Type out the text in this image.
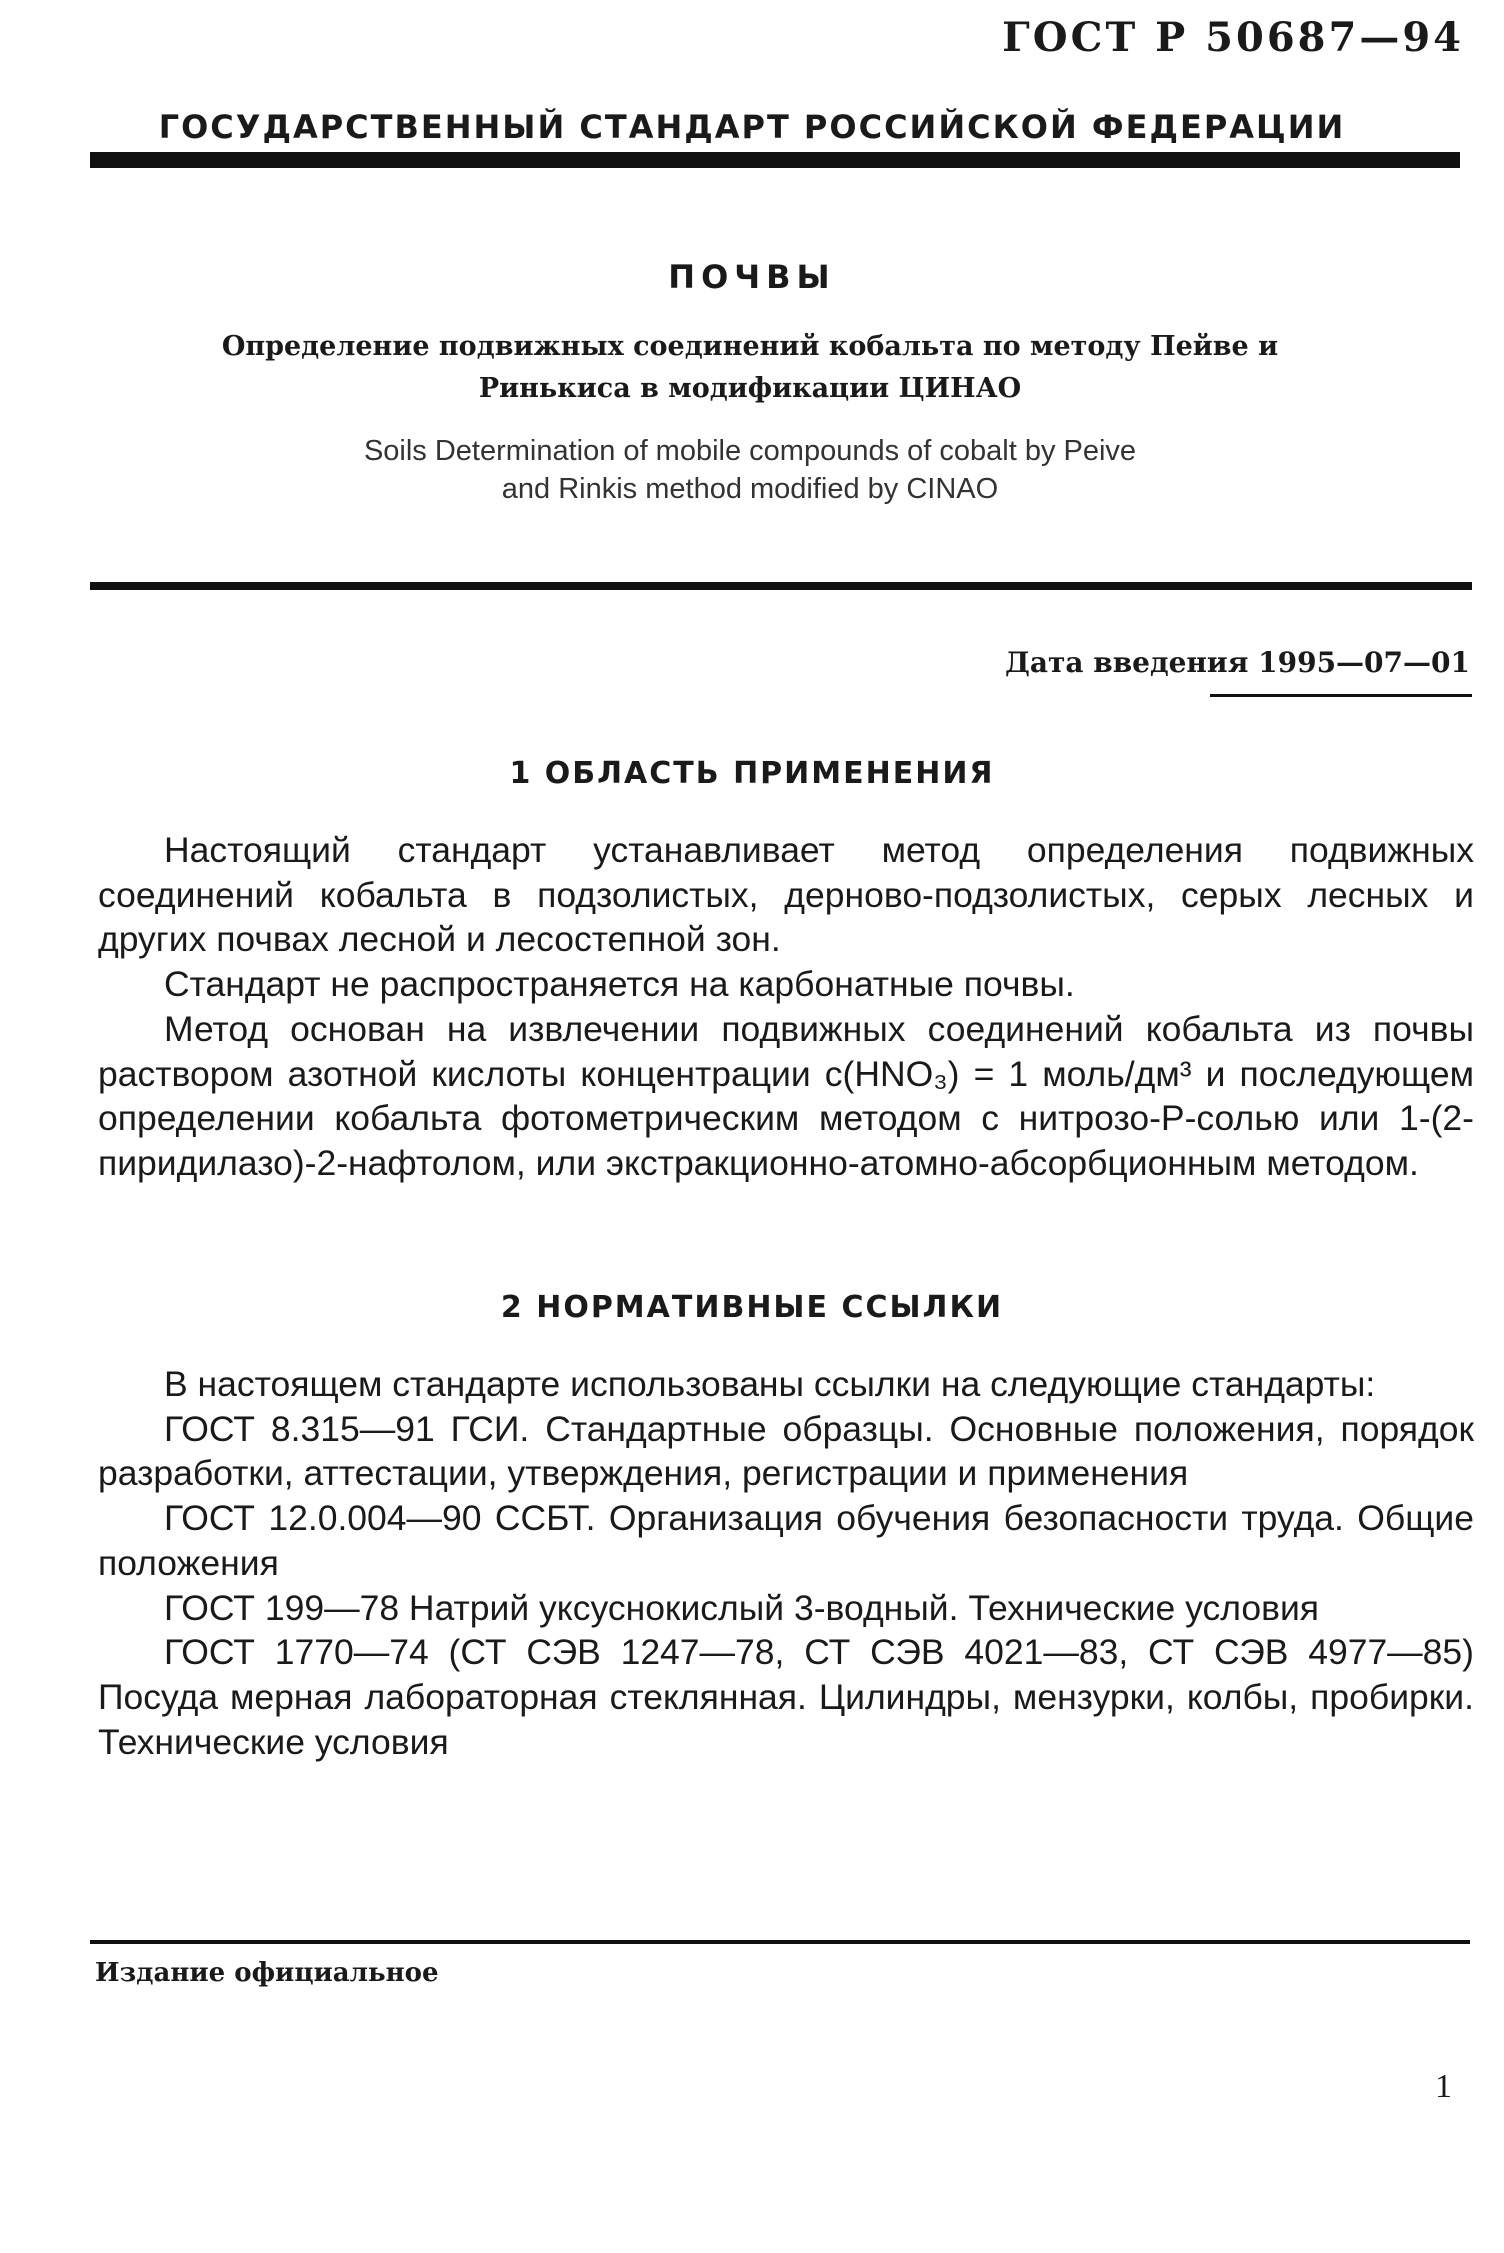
ГОСТ Р 50687—94
ГОСУДАРСТВЕННЫЙ СТАНДАРТ РОССИЙСКОЙ ФЕДЕРАЦИИ
ПОЧВЫ
Определение подвижных соединений кобальта по методу Пейве и
Ринькиса в модификации ЦИНАО
Soils Determination of mobile compounds of cobalt by Peive
and Rinkis method modified by CINAO
Дата введения 1995—07—01
1 ОБЛАСТЬ ПРИМЕНЕНИЯ

Настоящий стандарт устанавливает метод определения подвижных соединений кобальта в подзолистых, дерново-подзолистых, серых лесных и других почвах лесной и лесостепной зон.

Стандарт не распространяется на карбонатные почвы.

Метод основан на извлечении подвижных соединений кобальта из почвы раствором азотной кислоты концентрации c(HNO₃) = 1 моль/дм³ и последующем определении кобальта фотометрическим методом с нитрозо-Р-солью или 1-(2-пиридилазо)-2-нафтолом, или экстракционно-атомно-абсорбционным методом.

2 НОРМАТИВНЫЕ ССЫЛКИ

В настоящем стандарте использованы ссылки на следующие стандарты:

ГОСТ 8.315—91 ГСИ. Стандартные образцы. Основные положения, порядок разработки, аттестации, утверждения, регистрации и применения

ГОСТ 12.0.004—90 ССБТ. Организация обучения безопасности труда. Общие положения

ГОСТ 199—78 Натрий уксуснокислый 3-водный. Технические условия

ГОСТ 1770—74 (СТ СЭВ 1247—78, СТ СЭВ 4021—83, СТ СЭВ 4977—85) Посуда мерная лабораторная стеклянная. Цилиндры, мензурки, колбы, пробирки. Технические условия

Издание официальное
1
